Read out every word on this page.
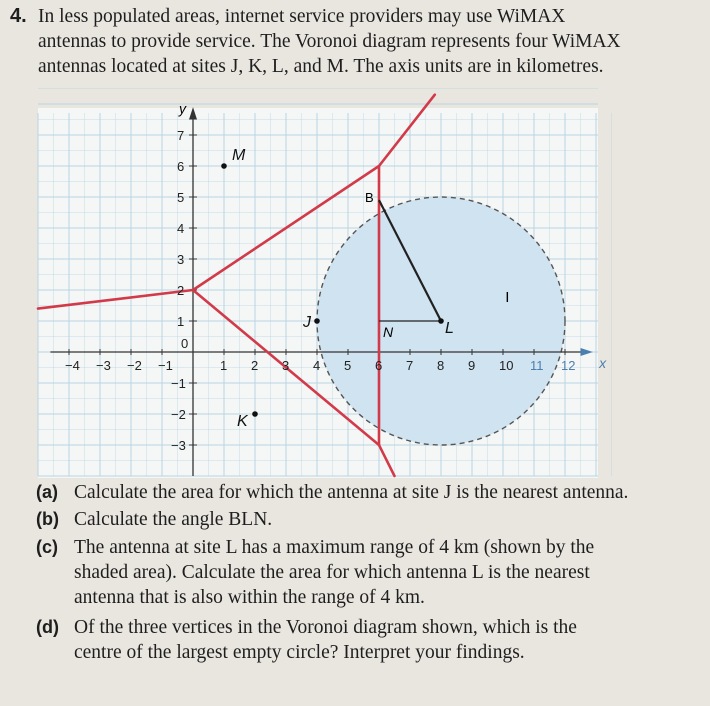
4. In less populated areas, internet service providers may use WiMAX
antennas to provide service. The Voronoi diagram represents four WiMAX
antennas located at sites J, K, L, and M. The axis units are in kilometres.
M
K
J	L
−4 −3 −2 −1
0
1 2 3 4 5 6 7 8 9 10 11 12
1
2
3
4
5
6
7
−1
−2
−3
B
N
I
x
y
(a) Calculate the area for which the antenna at site J is the nearest antenna.
(b) Calculate the angle BLN.
(c) The antenna at site L has a maximum range of 4 km (shown by the
shaded area). Calculate the area for which antenna L is the nearest
antenna that is also within the range of 4 km.
(d) Of the three vertices in the Voronoi diagram shown, which is the
centre of the largest empty circle? Interpret your findings.
